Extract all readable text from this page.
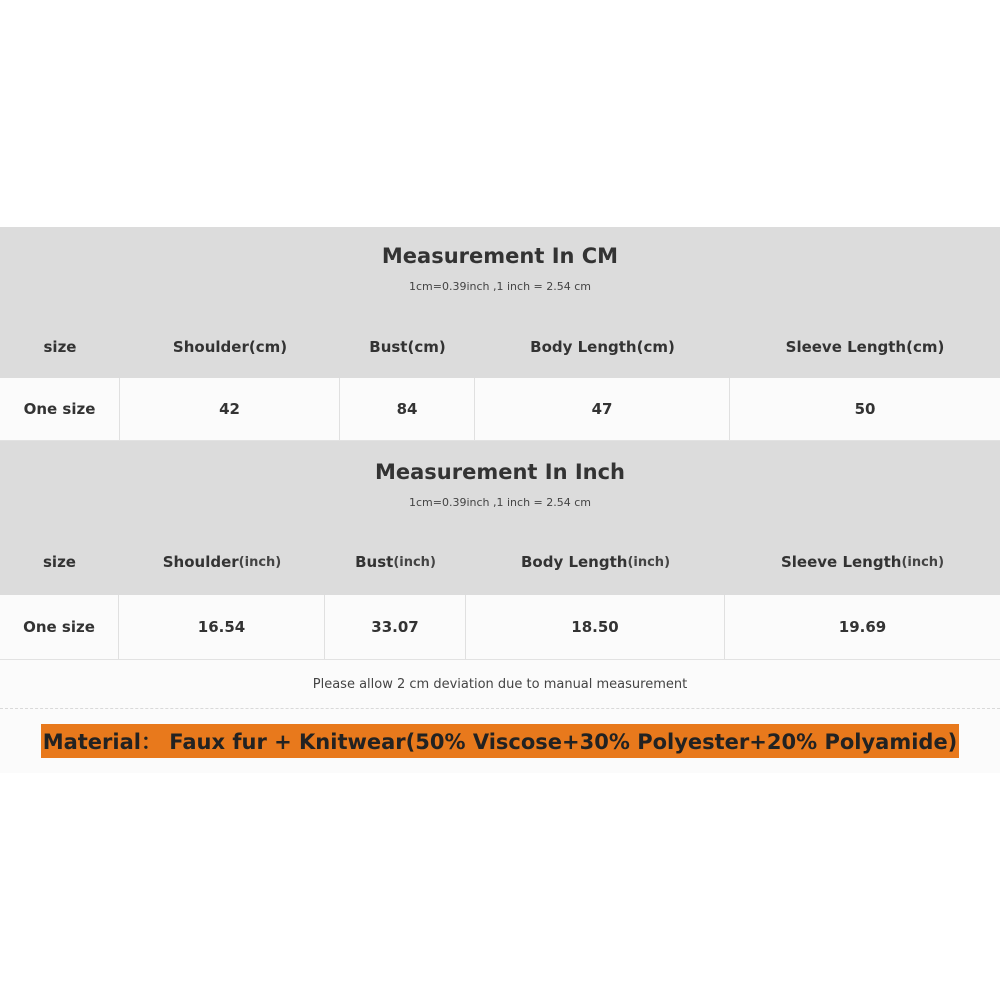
Measurement In CM
1cm=0.39inch ,1 inch = 2.54 cm
size	Shoulder(cm)	Bust(cm)	Body Length(cm)	Sleeve Length(cm)
One size	42	84	47	50
Measurement In Inch
1cm=0.39inch ,1 inch = 2.54 cm
size	Shoulder (inch)	Bust (inch)	Body Length (inch)	Sleeve Length (inch)
One size	16.54	33.07	18.50	19.69
Please allow 2 cm deviation due to manual measurement
Material： Faux fur + Knitwear(50% Viscose+30% Polyester+20% Polyamide)
